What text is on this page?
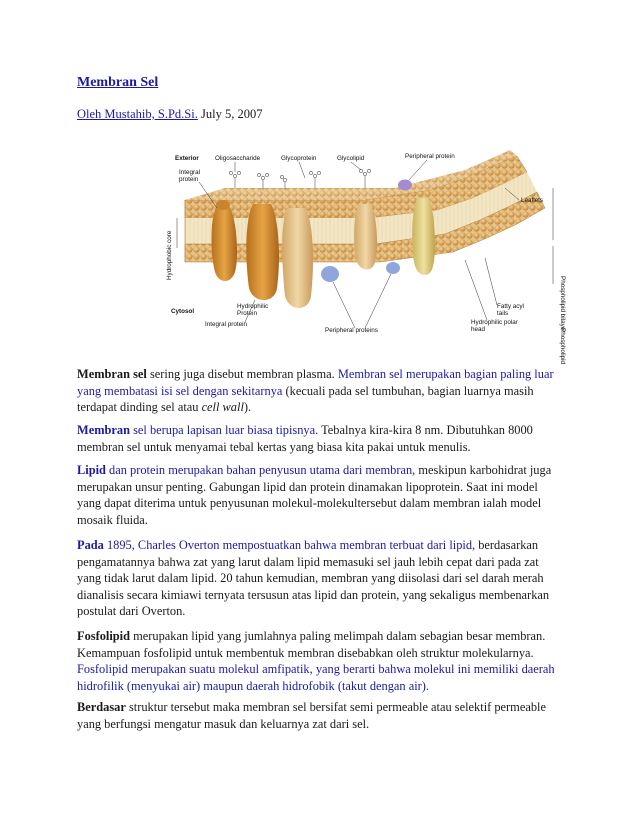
Membran Sel
Oleh Mustahib, S.Pd.Si. July 5, 2007
Exterior	Oligosaccharide	Glycoprotein	Glycolipid	Peripheral protein
Integral
protein
Leaflets
Hydrophobic core
Phospholipid bilayer
Phospholipid
Cytosol
Hydrophilic
Protein
Integral protein
Peripheral proteins
Fatty acyl
tails
Hydrophilic polar
head

Membran sel sering juga disebut membran plasma. Membran sel merupakan bagian paling luar
yang membatasi isi sel dengan sekitarnya (kecuali pada sel tumbuhan, bagian luarnya masih
terdapat dinding sel atau cell wall).

Membran sel berupa lapisan luar biasa tipisnya. Tebalnya kira-kira 8 nm. Dibutuhkan 8000
membran sel untuk menyamai tebal kertas yang biasa kita pakai untuk menulis.

Lipid dan protein merupakan bahan penyusun utama dari membran, meskipun karbohidrat juga
merupakan unsur penting. Gabungan lipid dan protein dinamakan lipoprotein. Saat ini model
yang dapat diterima untuk penyusunan molekul-molekultersebut dalam membran ialah model
mosaik fluida.

Pada 1895, Charles Overton mempostuatkan bahwa membran terbuat dari lipid, berdasarkan
pengamatannya bahwa zat yang larut dalam lipid memasuki sel jauh lebih cepat dari pada zat
yang tidak larut dalam lipid. 20 tahun kemudian, membran yang diisolasi dari sel darah merah
dianalisis secara kimiawi ternyata tersusun atas lipid dan protein, yang sekaligus membenarkan
postulat dari Overton.

Fosfolipid merupakan lipid yang jumlahnya paling melimpah dalam sebagian besar membran.
Kemampuan fosfolipid untuk membentuk membran disebabkan oleh struktur molekularnya.
Fosfolipid merupakan suatu molekul amfipatik, yang berarti bahwa molekul ini memiliki daerah
hidrofilik (menyukai air) maupun daerah hidrofobik (takut dengan air).

Berdasar struktur tersebut maka membran sel bersifat semi permeable atau selektif permeable
yang berfungsi mengatur masuk dan keluarnya zat dari sel.
